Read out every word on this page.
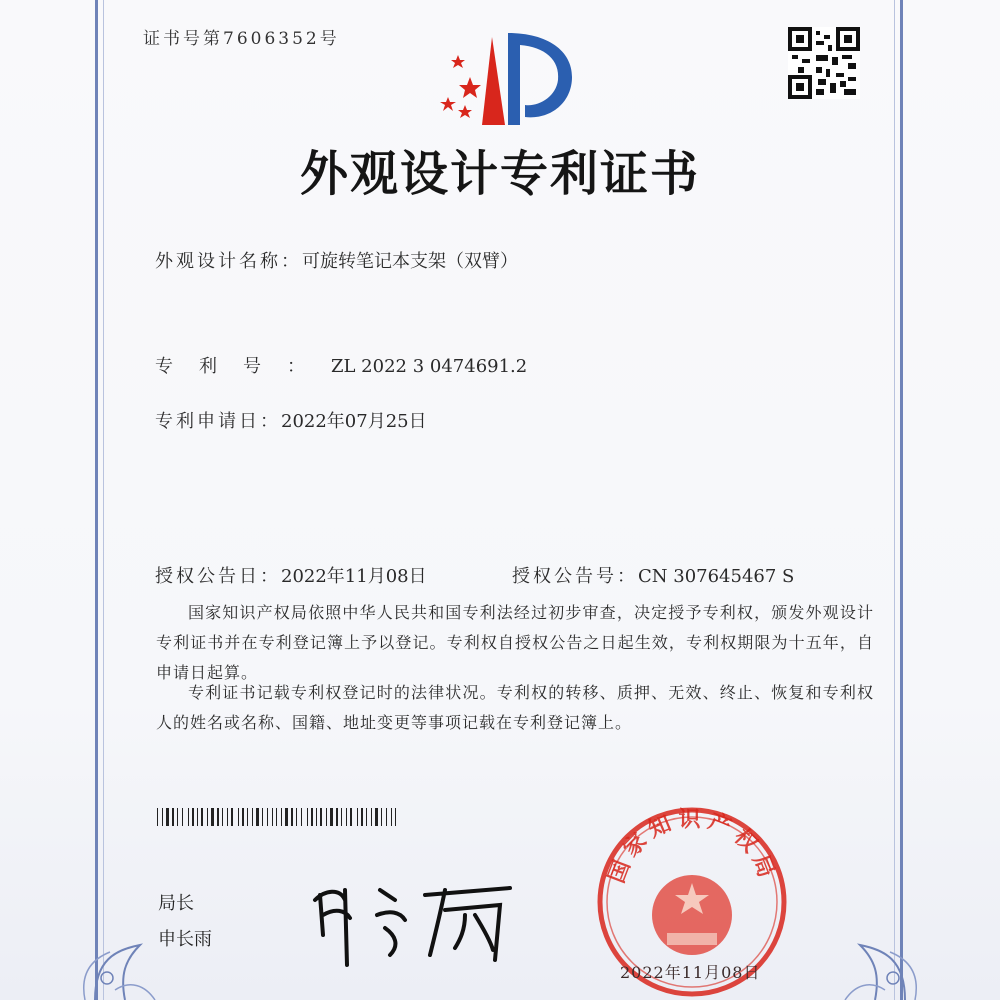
证书号第7606352号
外观设计专利证书
外观设计名称：可旋转笔记本支架（双臂）
专利号：ZL 2022 3 0474691.2
专利申请日：2022年07月25日
授权公告日：2022年11月08日	授权公告号：CN 307645467 S
国家知识产权局依照中华人民共和国专利法经过初步审查，决定授予专利权，颁发外观设计专利证书并在专利登记簿上予以登记。专利权自授权公告之日起生效，专利权期限为十五年，自申请日起算。
专利证书记载专利权登记时的法律状况。专利权的转移、质押、无效、终止、恢复和专利权人的姓名或名称、国籍、地址变更等事项记载在专利登记簿上。
局长
申长雨
国家知识产权局
2022年11月08日
